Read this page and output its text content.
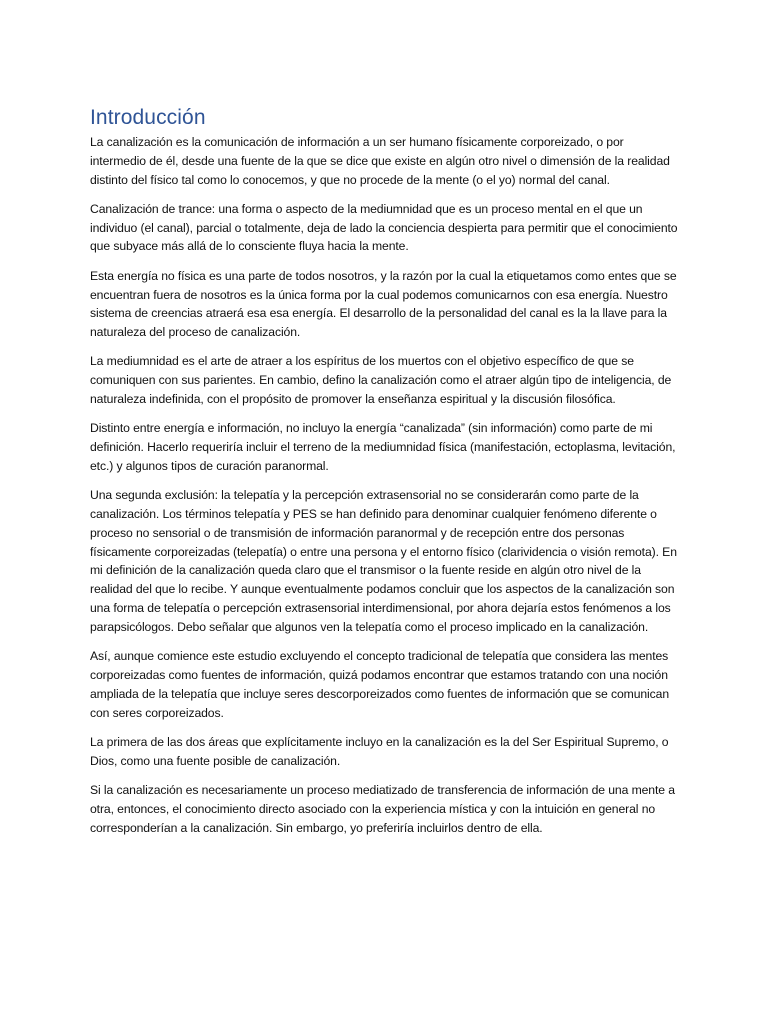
Introducción

La canalización es la comunicación de información a un ser humano físicamente corporeizado, o por intermedio de él, desde una fuente de la que se dice que existe en algún otro nivel o dimensión de la realidad distinto del físico tal como lo conocemos, y que no procede de la mente (o el yo) normal del canal.

Canalización de trance: una forma o aspecto de la mediumnidad que es un proceso mental en el que un individuo (el canal), parcial o totalmente, deja de lado la conciencia despierta para permitir que el conocimiento que subyace más allá de lo consciente fluya hacia la mente.

Esta energía no física es una parte de todos nosotros, y la razón por la cual la etiquetamos como entes que se encuentran fuera de nosotros es la única forma por la cual podemos comunicarnos con esa energía. Nuestro sistema de creencias atraerá esa esa energía. El desarrollo de la personalidad del canal es la la llave para la naturaleza del proceso de canalización.

La mediumnidad es el arte de atraer a los espíritus de los muertos con el objetivo específico de que se comuniquen con sus parientes. En cambio, defino la canalización como el atraer algún tipo de inteligencia, de naturaleza indefinida, con el propósito de promover la enseñanza espiritual y la discusión filosófica.

Distinto entre energía e información, no incluyo la energía “canalizada” (sin información) como parte de mi definición. Hacerlo requeriría incluir el terreno de la mediumnidad física (manifestación, ectoplasma, levitación, etc.) y algunos tipos de curación paranormal.

Una segunda exclusión: la telepatía y la percepción extrasensorial no se considerarán como parte de la canalización. Los términos telepatía y PES se han definido para denominar cualquier fenómeno diferente o proceso no sensorial o de transmisión de información paranormal y de recepción entre dos personas físicamente corporeizadas (telepatía) o entre una persona y el entorno físico (clarividencia o visión remota). En mi definición de la canalización queda claro que el transmisor o la fuente reside en algún otro nivel de la realidad del que lo recibe. Y aunque eventualmente podamos concluir que los aspectos de la canalización son una forma de telepatía o percepción extrasensorial interdimensional, por ahora dejaría estos fenómenos a los parapsicólogos. Debo señalar que algunos ven la telepatía como el proceso implicado en la canalización.

Así, aunque comience este estudio excluyendo el concepto tradicional de telepatía que considera las mentes corporeizadas como fuentes de información, quizá podamos encontrar que estamos tratando con una noción ampliada de la telepatía que incluye seres descorporeizados como fuentes de información que se comunican con seres corporeizados.

La primera de las dos áreas que explícitamente incluyo en la canalización es la del Ser Espiritual Supremo, o Dios, como una fuente posible de canalización.

Si la canalización es necesariamente un proceso mediatizado de transferencia de información de una mente a otra, entonces, el conocimiento directo asociado con la experiencia mística y con la intuición en general no corresponderían a la canalización. Sin embargo, yo preferiría incluirlos dentro de ella.
